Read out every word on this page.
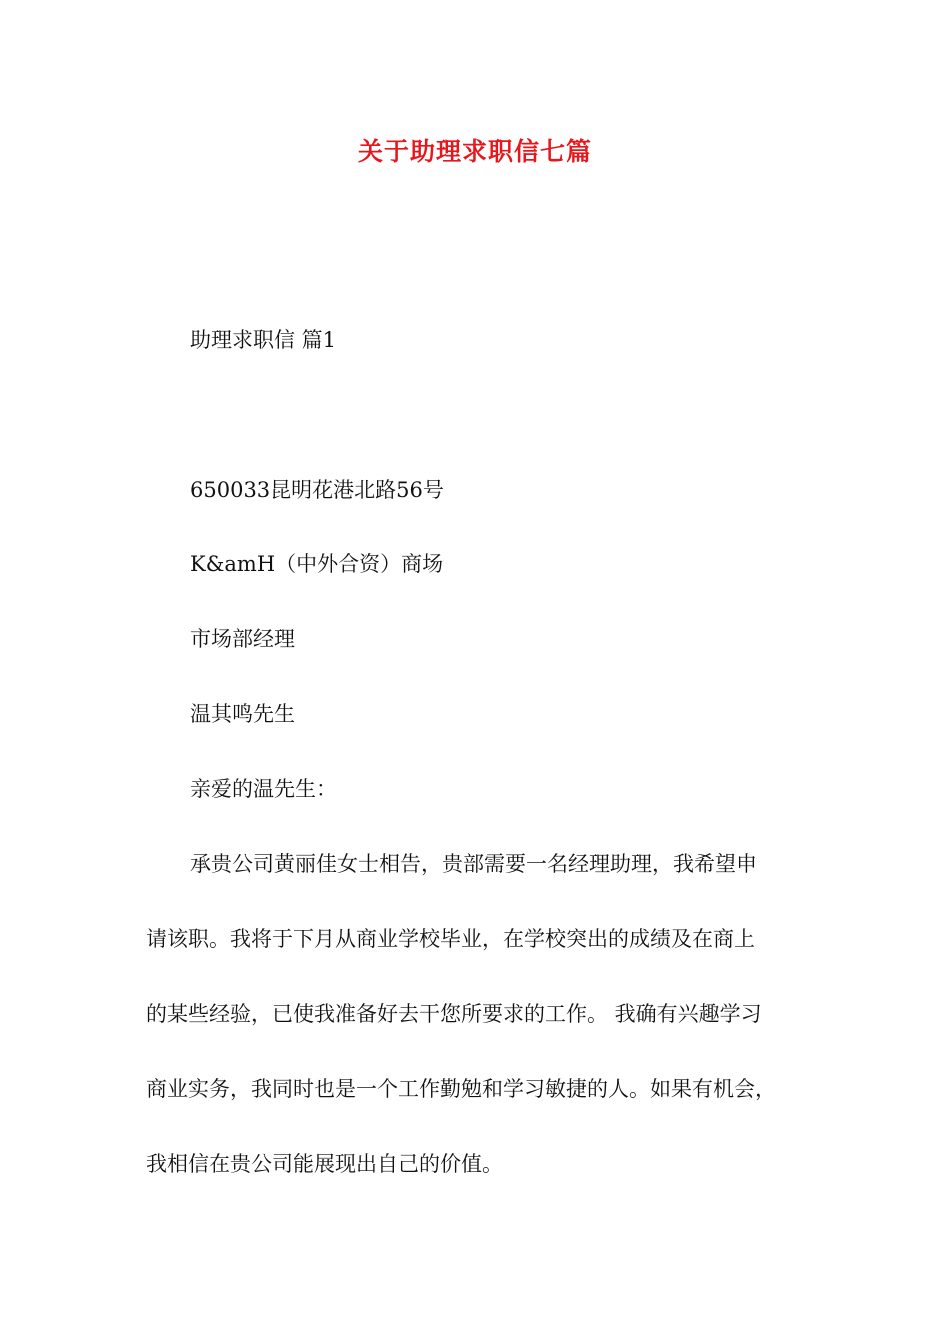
关于助理求职信七篇
助理求职信 篇1
650033昆明花港北路56号
K&amH（中外合资）商场
市场部经理
温其鸣先生
亲爱的温先生：
承贵公司黄丽佳女士相告，贵部需要一名经理助理，我希望申
请该职。我将于下月从商业学校毕业，在学校突出的成绩及在商上
的某些经验，已使我准备好去干您所要求的工作。 我确有兴趣学习
商业实务，我同时也是一个工作勤勉和学习敏捷的人。如果有机会，
我相信在贵公司能展现出自己的价值。
